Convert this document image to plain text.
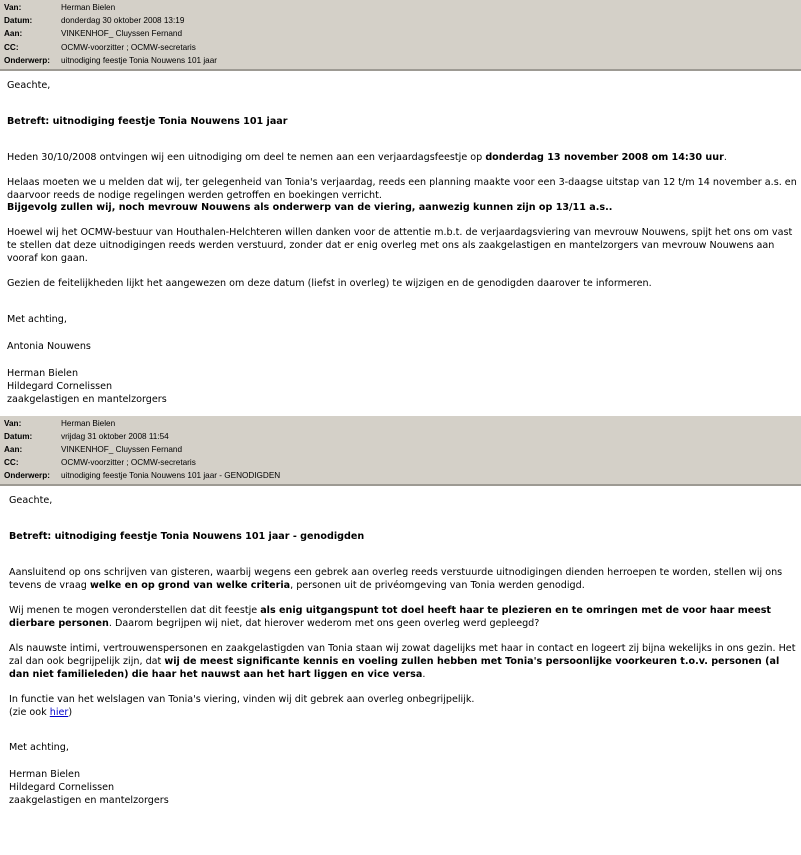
Van:	Herman Bielen
Datum:	donderdag 30 oktober 2008 13:19
Aan:	VINKENHOF_ Cluyssen Fernand
CC:	OCMW-voorzitter ; OCMW-secretaris
Onderwerp:	uitnodiging feestje Tonia Nouwens 101 jaar

Geachte,

Betreft: uitnodiging feestje Tonia Nouwens 101 jaar

Heden 30/10/2008 ontvingen wij een uitnodiging om deel te nemen aan een verjaardagsfeestje op donderdag 13 november 2008 om 14:30 uur.

Helaas moeten we u melden dat wij, ter gelegenheid van Tonia's verjaardag, reeds een planning maakte voor een 3-daagse uitstap van 12 t/m 14 november a.s. en daarvoor reeds de nodige regelingen werden getroffen en boekingen verricht.
Bijgevolg zullen wij, noch mevrouw Nouwens als onderwerp van de viering, aanwezig kunnen zijn op 13/11 a.s..

Hoewel wij het OCMW-bestuur van Houthalen-Helchteren willen danken voor de attentie m.b.t. de verjaardagsviering van mevrouw Nouwens, spijt het ons om vast te stellen dat deze uitnodigingen reeds werden verstuurd, zonder dat er enig overleg met ons als zaakgelastigen en mantelzorgers van mevrouw Nouwens aan vooraf kon gaan.

Gezien de feitelijkheden lijkt het aangewezen om deze datum (liefst in overleg) te wijzigen en de genodigden daarover te informeren.

Met achting,

Antonia Nouwens

Herman Bielen

Hildegard Cornelissen

zaakgelastigen en mantelzorgers

Van:	Herman Bielen
Datum:	vrijdag 31 oktober 2008 11:54
Aan:	VINKENHOF_ Cluyssen Fernand
CC:	OCMW-voorzitter ; OCMW-secretaris
Onderwerp:	uitnodiging feestje Tonia Nouwens 101 jaar - GENODIGDEN

Geachte,

Betreft: uitnodiging feestje Tonia Nouwens 101 jaar - genodigden

Aansluitend op ons schrijven van gisteren, waarbij wegens een gebrek aan overleg reeds verstuurde uitnodigingen dienden herroepen te worden, stellen wij ons tevens de vraag welke en op grond van welke criteria, personen uit de privéomgeving van Tonia werden genodigd.

Wij menen te mogen veronderstellen dat dit feestje als enig uitgangspunt tot doel heeft haar te plezieren en te omringen met de voor haar meest dierbare personen. Daarom begrijpen wij niet, dat hierover wederom met ons geen overleg werd gepleegd?

Als nauwste intimi, vertrouwenspersonen en zaakgelastigden van Tonia staan wij zowat dagelijks met haar in contact en logeert zij bijna wekelijks in ons gezin. Het zal dan ook begrijpelijk zijn, dat wij de meest significante kennis en voeling zullen hebben met Tonia's persoonlijke voorkeuren t.o.v. personen (al dan niet familieleden) die haar het nauwst aan het hart liggen en vice versa.

In functie van het welslagen van Tonia's viering, vinden wij dit gebrek aan overleg onbegrijpelijk.

(zie ook hier)

Met achting,

Herman Bielen

Hildegard Cornelissen

zaakgelastigen en mantelzorgers
